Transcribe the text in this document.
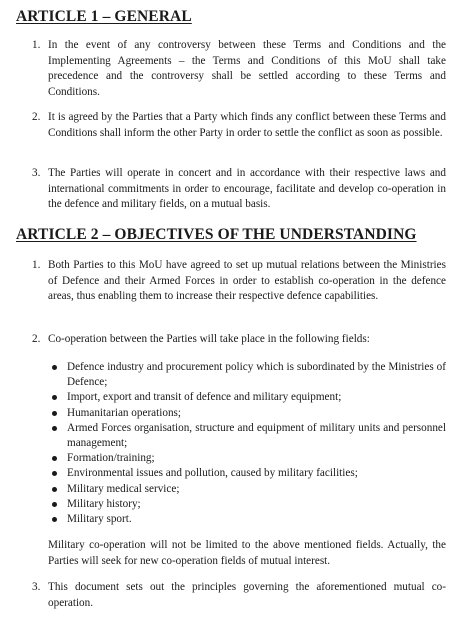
ARTICLE 1 – GENERAL
1. In the event of any controversy between these Terms and Conditions and the Implementing Agreements – the Terms and Conditions of this MoU shall take precedence and the controversy shall be settled according to these Terms and Conditions.
2. It is agreed by the Parties that a Party which finds any conflict between these Terms and Conditions shall inform the other Party in order to settle the conflict as soon as possible.
3. The Parties will operate in concert and in accordance with their respective laws and international commitments in order to encourage, facilitate and develop co-operation in the defence and military fields, on a mutual basis.
ARTICLE 2 – OBJECTIVES OF THE UNDERSTANDING
1. Both Parties to this MoU have agreed to set up mutual relations between the Ministries of Defence and their Armed Forces in order to establish co-operation in the defence areas, thus enabling them to increase their respective defence capabilities.
2. Co-operation between the Parties will take place in the following fields:
Defence industry and procurement policy which is subordinated by the Ministries of Defence;
Import, export and transit of defence and military equipment;
Humanitarian operations;
Armed Forces organisation, structure and equipment of military units and personnel management;
Formation/training;
Environmental issues and pollution, caused by military facilities;
Military medical service;
Military history;
Military sport.
Military co-operation will not be limited to the above mentioned fields. Actually, the Parties will seek for new co-operation fields of mutual interest.
3. This document sets out the principles governing the aforementioned mutual co-operation.
